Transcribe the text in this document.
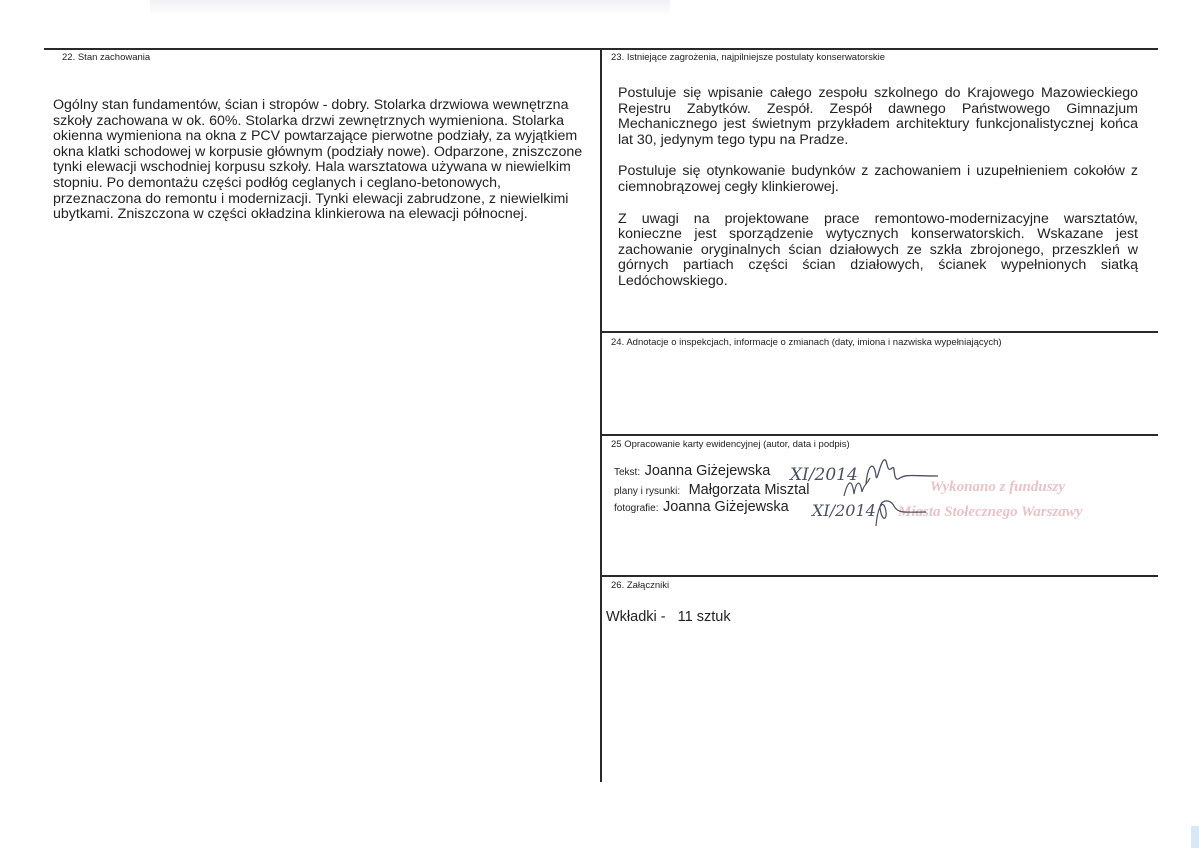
22. Stan zachowania
Ogólny stan fundamentów, ścian i stropów - dobry. Stolarka drzwiowa wewnętrzna szkoły zachowana w ok. 60%. Stolarka drzwi zewnętrznych wymieniona. Stolarka okienna wymieniona na okna z PCV powtarzające pierwotne podziały, za wyjątkiem okna klatki schodowej w korpusie głównym (podziały nowe). Odparzone, zniszczone tynki elewacji wschodniej korpusu szkoły. Hala warsztatowa używana w niewielkim stopniu. Po demontażu części podłóg ceglanych i ceglano-betonowych, przeznaczona do remontu i modernizacji. Tynki elewacji zabrudzone, z niewielkimi ubytkami. Zniszczona w części okładzina klinkierowa na elewacji północnej.
23. Istniejące zagrożenia, najpilniejsze postulaty konserwatorskie

Postuluje się wpisanie całego zespołu szkolnego do Krajowego Mazowieckiego Rejestru Zabytków. Zespół. Zespół dawnego Państwowego Gimnazjum Mechanicznego jest świetnym przykładem architektury funkcjonalistycznej końca lat 30, jedynym tego typu na Pradze.

Postuluje się otynkowanie budynków z zachowaniem i uzupełnieniem cokołów z ciemnobrązowej cegły klinkierowej.

Z uwagi na projektowane prace remontowo-modernizacyjne warsztatów, konieczne jest sporządzenie wytycznych konserwatorskich. Wskazane jest zachowanie oryginalnych ścian działowych ze szkła zbrojonego, przeszkleń w górnych partiach części ścian działowych, ścianek wypełnionych siatką Ledóchowskiego.

24. Adnotacje o inspekcjach, informacje o zmianach (daty, imiona i nazwiska wypełniających)
25 Opracowanie karty ewidencyjnej (autor, data i podpis)
Tekst: Joanna Giżejewska
plany i rysunki: Małgorzata Misztal
fotografie: Joanna Giżejewska
Wykonano z funduszy
Miasta Stołecznego Warszawy
XI/2014
XI/2014
26. Załączniki
Wkładki - 11 sztuk
